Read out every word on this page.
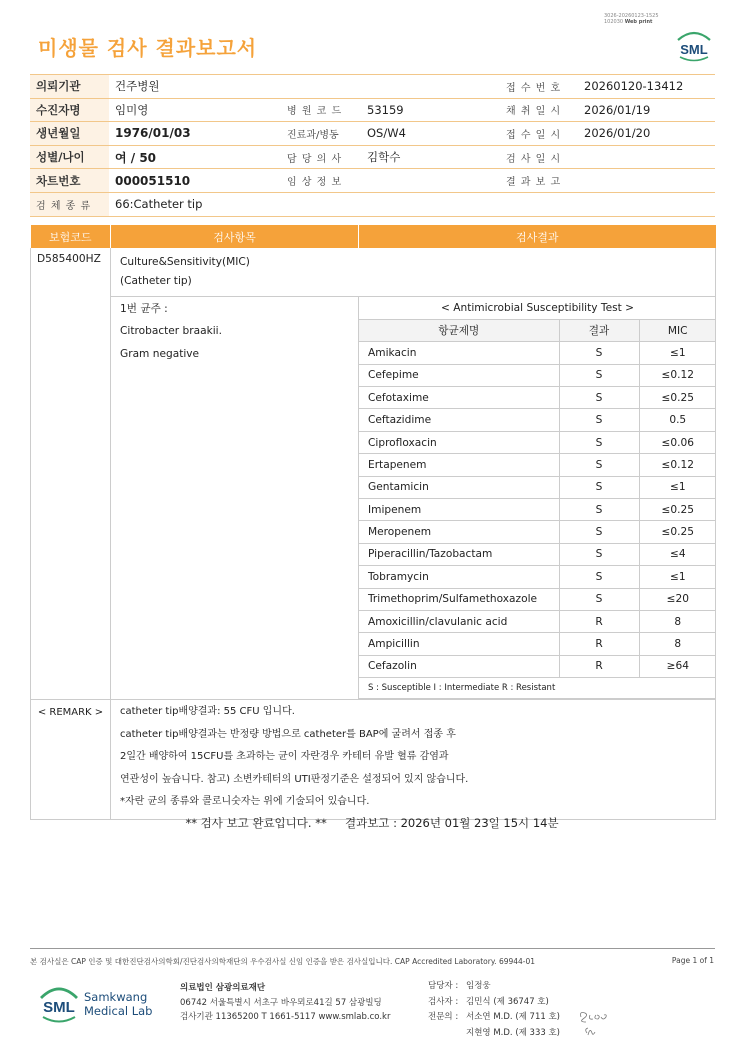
미생물 검사 결과보고서
3026-20260123-1525
102030 Web print
SML
의뢰기관	건주병원			접 수 번 호	20260120-13412
수진자명	임미영	병 원 코 드	53159	채 취 일 시	2026/01/19
생년월일	1976/01/03	진료과/병동	OS/W4	접 수 일 시	2026/01/20
성별/나이	여 / 50	담 당 의 사	김학수	검 사 일 시	
차트번호	000051510	임 상 정 보		결 과 보 고	
검 체 종 류	66:Catheter tip				
보험코드	검사항목	검사결과
D585400HZ	Culture&Sensitivity(MIC)
(Catheter tip)

1번 균주 :
Citrobacter braakii.
Gram negative

< Antimicrobial Susceptibility Test >
항균제명	결과	MIC
Amikacin	S	≤1
Cefepime	S	≤0.12
Cefotaxime	S	≤0.25
Ceftazidime	S	0.5
Ciprofloxacin	S	≤0.06
Ertapenem	S	≤0.12
Gentamicin	S	≤1
Imipenem	S	≤0.25
Meropenem	S	≤0.25
Piperacillin/Tazobactam	S	≤4
Tobramycin	S	≤1
Trimethoprim/Sulfamethoxazole	S	≤20
Amoxicillin/clavulanic acid	R	8
Ampicillin	R	8
Cefazolin	R	≥64
S : Susceptible I : Intermediate R : Resistant

< REMARK >	catheter tip배양결과: 55 CFU 입니다.
catheter tip배양결과는 반정량 방법으로 catheter를 BAP에 굴려서 접종 후
2일간 배양하여 15CFU를 초과하는 균이 자란경우 카테터 유발 혈류 감염과
연관성이 높습니다. 참고) 소변카테터의 UTI판정기준은 설정되어 있지 않습니다.
*자란 균의 종류와 콜로니숫자는 위에 기술되어 있습니다.
** 검사 보고 완료입니다. **     결과보고 : 2026년 01월 23일 15시 14분
본 검사실은 CAP 인증 및 대한진단검사의학회/진단검사의학재단의 우수검사실 신임 인증을 받은 검사실입니다. CAP Accredited Laboratory. 69944-01	Page 1 of 1
SML
Samkwang
Medical Lab
의료법인 삼광의료재단
06742 서울특별시 서초구 바우뫼로41길 57 삼광빌딩
검사기관 11365200 T 1661-5117 www.smlab.co.kr
담당자 : 임정웅
검사자 : 김민식 (제 36747 호)
전문의 : 서소연 M.D. (제 711 호)
지현영 M.D. (제 333 호)
